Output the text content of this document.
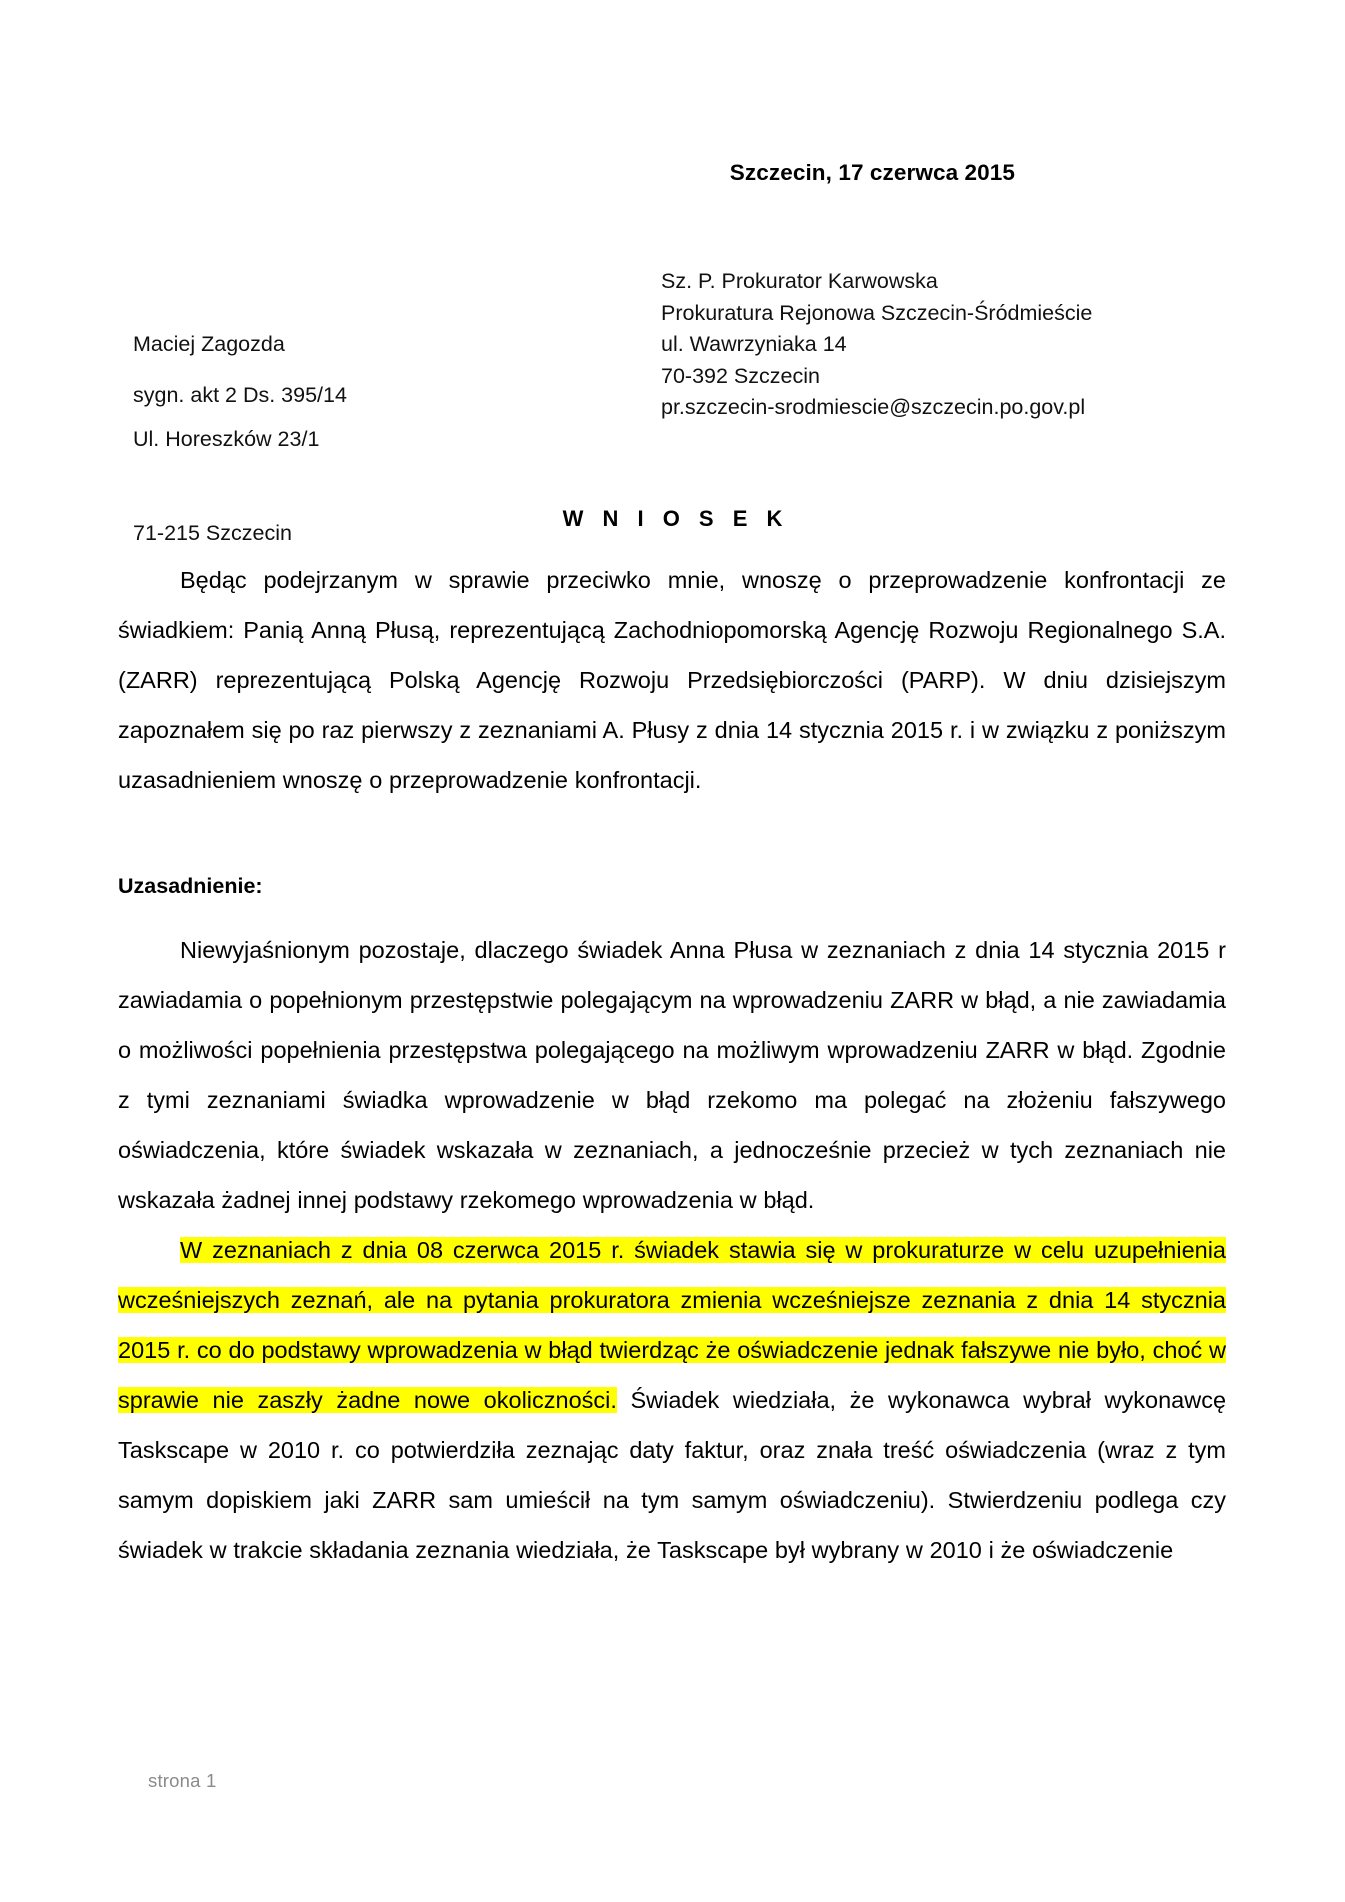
Szczecin, 17 czerwca 2015

Maciej Zagozda

Ul. Horeszków 23/1

71-215 Szczecin

sygn. akt 2 Ds. 395/14
Sz. P. Prokurator Karwowska
Prokuratura Rejonowa Szczecin-Śródmieście
ul. Wawrzyniaka 14
70-392 Szczecin
pr.szczecin-srodmiescie@szczecin.po.gov.pl
W N I O S E K

Będąc podejrzanym w sprawie przeciwko mnie, wnoszę o przeprowadzenie konfrontacji ze świadkiem: Panią Anną Płusą, reprezentującą Zachodniopomorską Agencję Rozwoju Regionalnego S.A. (ZARR) reprezentującą Polską Agencję Rozwoju Przedsiębiorczości (PARP). W dniu dzisiejszym zapoznałem się po raz pierwszy z zeznaniami A. Płusy z dnia 14 stycznia 2015 r. i w związku z poniższym uzasadnieniem wnoszę o przeprowadzenie konfrontacji.

Uzasadnienie:

Niewyjaśnionym pozostaje, dlaczego świadek Anna Płusa w zeznaniach z dnia 14 stycznia 2015 r zawiadamia o popełnionym przestępstwie polegającym na wprowadzeniu ZARR w błąd, a nie zawiadamia o możliwości popełnienia przestępstwa polegającego na możliwym wprowadzeniu ZARR w błąd. Zgodnie z tymi zeznaniami świadka wprowadzenie w błąd rzekomo ma polegać na złożeniu fałszywego oświadczenia, które świadek wskazała w zeznaniach, a jednocześnie przecież w tych zeznaniach nie wskazała żadnej innej podstawy rzekomego wprowadzenia w błąd.

W zeznaniach z dnia 08 czerwca 2015 r. świadek stawia się w prokuraturze w celu uzupełnienia wcześniejszych zeznań, ale na pytania prokuratora zmienia wcześniejsze zeznania z dnia 14 stycznia 2015 r. co do podstawy wprowadzenia w błąd twierdząc że oświadczenie jednak fałszywe nie było, choć w sprawie nie zaszły żadne nowe okoliczności. Świadek wiedziała, że wykonawca wybrał wykonawcę Taskscape w 2010 r. co potwierdziła zeznając daty faktur, oraz znała treść oświadczenia (wraz z tym samym dopiskiem jaki ZARR sam umieścił na tym samym oświadczeniu). Stwierdzeniu podlega czy świadek w trakcie składania zeznania wiedziała, że Taskscape był wybrany w 2010 i że oświadczenie

strona 1
